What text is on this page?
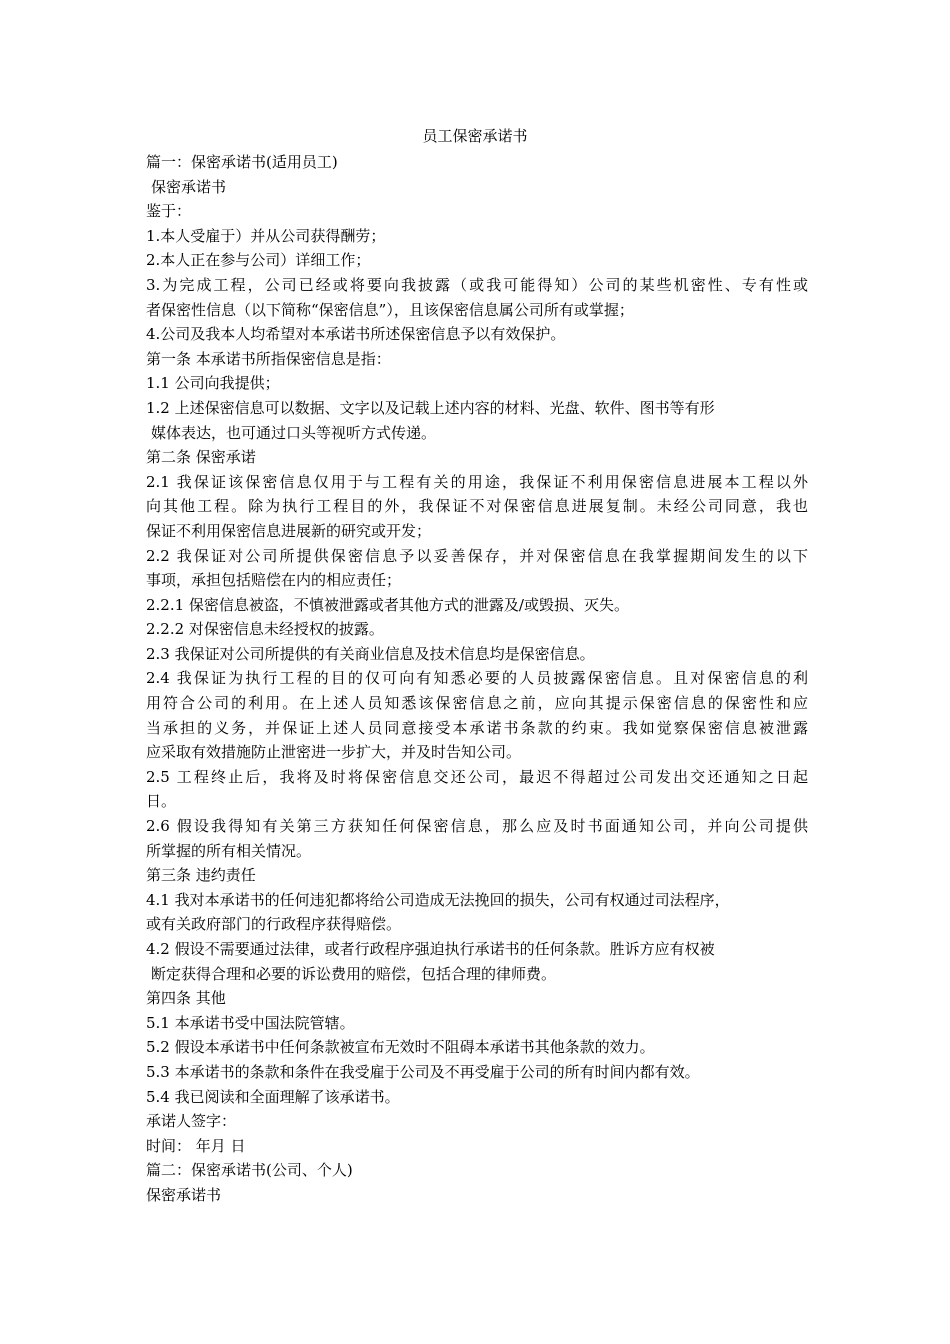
员工保密承诺书
篇一：保密承诺书(适用员工)
保密承诺书
鉴于：
1.本人受雇于）并从公司获得酬劳；
2.本人正在参与公司）详细工作；
3.为完成工程，公司已经或将要向我披露（或我可能得知）公司的某些机密性、专有性或
者保密性信息（以下简称“保密信息”），且该保密信息属公司所有或掌握；
4.公司及我本人均希望对本承诺书所述保密信息予以有效保护。
第一条 本承诺书所指保密信息是指：
1.1 公司向我提供；
1.2 上述保密信息可以数据、文字以及记载上述内容的材料、光盘、软件、图书等有形
媒体表达，也可通过口头等视听方式传递。
第二条 保密承诺
2.1 我保证该保密信息仅用于与工程有关的用途，我保证不利用保密信息进展本工程以外
向其他工程。除为执行工程目的外，我保证不对保密信息进展复制。未经公司同意，我也
保证不利用保密信息进展新的研究或开发；
2.2 我保证对公司所提供保密信息予以妥善保存，并对保密信息在我掌握期间发生的以下
事项，承担包括赔偿在内的相应责任；
2.2.1 保密信息被盗，不慎被泄露或者其他方式的泄露及/或毁损、灭失。
2.2.2 对保密信息未经授权的披露。
2.3 我保证对公司所提供的有关商业信息及技术信息均是保密信息。
2.4 我保证为执行工程的目的仅可向有知悉必要的人员披露保密信息。且对保密信息的利
用符合公司的利用。在上述人员知悉该保密信息之前，应向其提示保密信息的保密性和应
当承担的义务，并保证上述人员同意接受本承诺书条款的约束。我如觉察保密信息被泄露
应采取有效措施防止泄密进一步扩大，并及时告知公司。
2.5 工程终止后，我将及时将保密信息交还公司，最迟不得超过公司发出交还通知之日起
日。
2.6 假设我得知有关第三方获知任何保密信息，那么应及时书面通知公司，并向公司提供
所掌握的所有相关情况。
第三条 违约责任
4.1 我对本承诺书的任何违犯都将给公司造成无法挽回的损失，公司有权通过司法程序，
或有关政府部门的行政程序获得赔偿。
4.2 假设不需要通过法律，或者行政程序强迫执行承诺书的任何条款。胜诉方应有权被
断定获得合理和必要的诉讼费用的赔偿，包括合理的律师费。
第四条 其他
5.1 本承诺书受中国法院管辖。
5.2 假设本承诺书中任何条款被宣布无效时不阻碍本承诺书其他条款的效力。
5.3 本承诺书的条款和条件在我受雇于公司及不再受雇于公司的所有时间内都有效。
5.4 我已阅读和全面理解了该承诺书。
承诺人签字：
时间： 年月 日
篇二：保密承诺书(公司、个人)
保密承诺书
